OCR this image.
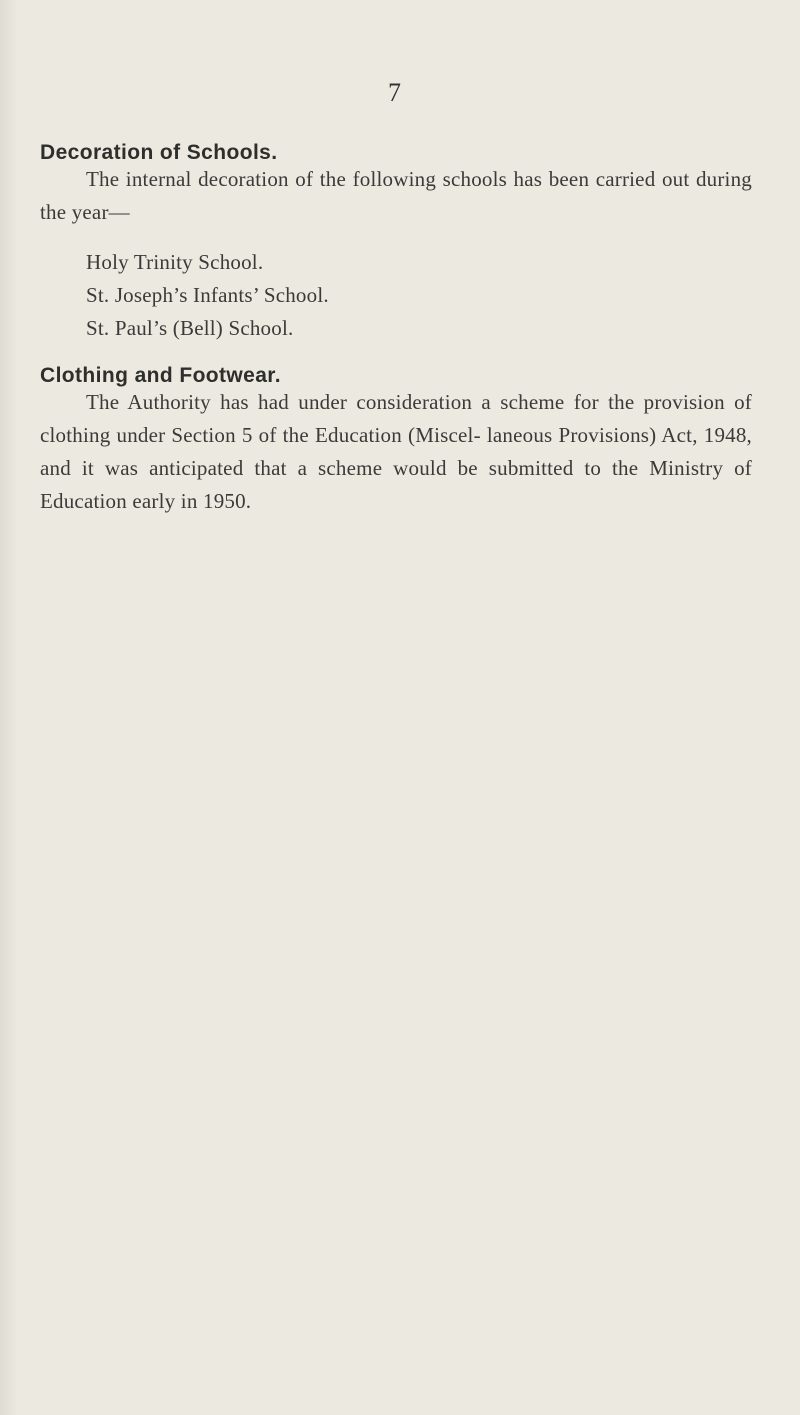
7
Decoration of Schools.

The internal decoration of the following schools has been carried out during the year—

Holy Trinity School.
St. Joseph’s Infants’ School.
St. Paul’s (Bell) School.
Clothing and Footwear.

The Authority has had under consideration a scheme for the provision of clothing under Section 5 of the Education (Miscel- laneous Provisions) Act, 1948, and it was anticipated that a scheme would be submitted to the Ministry of Education early in 1950.
